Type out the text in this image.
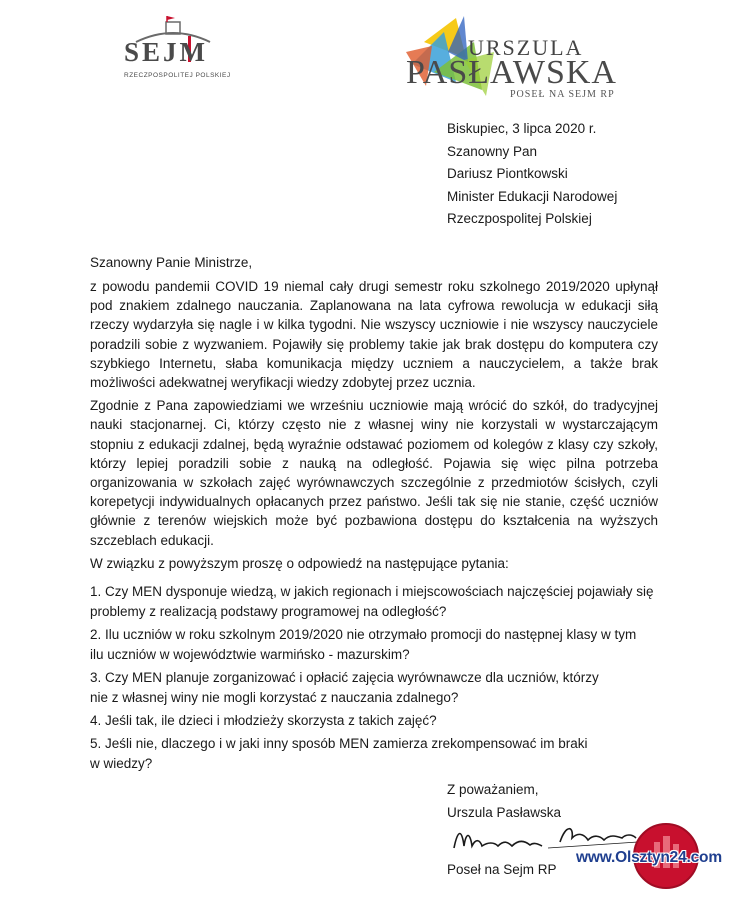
SEJM
RZECZPOSPOLITEJ POLSKIEJ
URSZULA
PASŁAWSKA
POSEŁ NA SEJM RP
Biskupiec, 3 lipca 2020 r.
Szanowny Pan
Dariusz Piontkowski
Minister Edukacji Narodowej
Rzeczpospolitej Polskiej
Szanowny Panie Ministrze,

z powodu pandemii COVID 19 niemal cały drugi semestr roku szkolnego 2019/2020 upłynął pod znakiem zdalnego nauczania. Zaplanowana na lata cyfrowa rewolucja w edukacji siłą rzeczy wydarzyła się nagle i w kilka tygodni. Nie wszyscy uczniowie i nie wszyscy nauczyciele poradzili sobie z wyzwaniem. Pojawiły się problemy takie jak brak dostępu do komputera czy szybkiego Internetu, słaba komunikacja między uczniem a nauczycielem, a także brak możliwości adekwatnej weryfikacji wiedzy zdobytej przez ucznia.

Zgodnie z Pana zapowiedziami we wrześniu uczniowie mają wrócić do szkół, do tradycyjnej nauki stacjonarnej. Ci, którzy często nie z własnej winy nie korzystali w wystarczającym stopniu z edukacji zdalnej, będą wyraźnie odstawać poziomem od kolegów z klasy czy szkoły, którzy lepiej poradzili sobie z nauką na odległość. Pojawia się więc pilna potrzeba organizowania w szkołach zajęć wyrównawczych szczególnie z przedmiotów ścisłych, czyli korepetycji indywidualnych opłacanych przez państwo. Jeśli tak się nie stanie, część uczniów głównie z terenów wiejskich może być pozbawiona dostępu do kształcenia na wyższych szczeblach edukacji.

W związku z powyższym proszę o odpowiedź na następujące pytania:

1. Czy MEN dysponuje wiedzą, w jakich regionach i miejscowościach najczęściej pojawiały się
problemy z realizacją podstawy programowej na odległość?
2. Ilu uczniów w roku szkolnym 2019/2020 nie otrzymało promocji do następnej klasy w tym
ilu uczniów w województwie warmińsko - mazurskim?
3. Czy MEN planuje zorganizować i opłacić zajęcia wyrównawcze dla uczniów, którzy
nie z własnej winy nie mogli korzystać z nauczania zdalnego?
4. Jeśli tak, ile dzieci i młodzieży skorzysta z takich zajęć?
5. Jeśli nie, dlaczego i w jaki inny sposób MEN zamierza zrekompensować im braki
w wiedzy?
Z poważaniem,
Urszula Pasławska
Poseł na Sejm RP
www.Olsztyn24.com
